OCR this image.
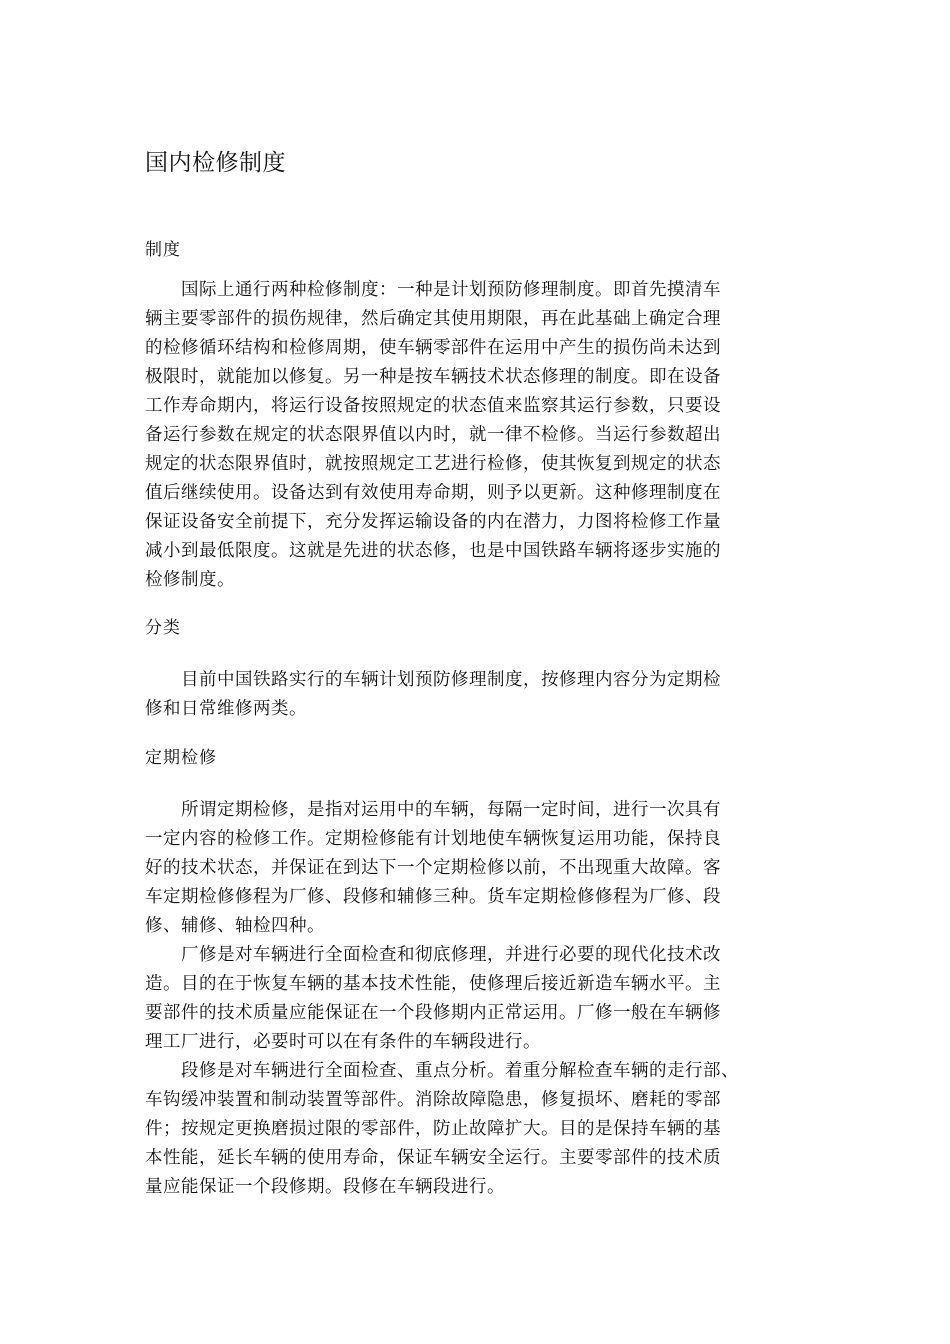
国内检修制度
制度
　　国际上通行两种检修制度：一种是计划预防修理制度。即首先摸清车
辆主要零部件的损伤规律，然后确定其使用期限，再在此基础上确定合理
的检修循环结构和检修周期，使车辆零部件在运用中产生的损伤尚未达到
极限时，就能加以修复。另一种是按车辆技术状态修理的制度。即在设备
工作寿命期内，将运行设备按照规定的状态值来监察其运行参数，只要设
备运行参数在规定的状态限界值以内时，就一律不检修。当运行参数超出
规定的状态限界值时，就按照规定工艺进行检修，使其恢复到规定的状态
值后继续使用。设备达到有效使用寿命期，则予以更新。这种修理制度在
保证设备安全前提下，充分发挥运输设备的内在潜力，力图将检修工作量
减小到最低限度。这就是先进的状态修，也是中国铁路车辆将逐步实施的
检修制度。
分类
　　目前中国铁路实行的车辆计划预防修理制度，按修理内容分为定期检
修和日常维修两类。
定期检修
　　所谓定期检修，是指对运用中的车辆，每隔一定时间，进行一次具有
一定内容的检修工作。定期检修能有计划地使车辆恢复运用功能，保持良
好的技术状态，并保证在到达下一个定期检修以前，不出现重大故障。客
车定期检修修程为厂修、段修和辅修三种。货车定期检修修程为厂修、段
修、辅修、轴检四种。
　　厂修是对车辆进行全面检查和彻底修理，并进行必要的现代化技术改
造。目的在于恢复车辆的基本技术性能，使修理后接近新造车辆水平。主
要部件的技术质量应能保证在一个段修期内正常运用。厂修一般在车辆修
理工厂进行，必要时可以在有条件的车辆段进行。
　　段修是对车辆进行全面检查、重点分析。着重分解检查车辆的走行部、
车钩缓冲装置和制动装置等部件。消除故障隐患，修复损坏、磨耗的零部
件；按规定更换磨损过限的零部件，防止故障扩大。目的是保持车辆的基
本性能，延长车辆的使用寿命，保证车辆安全运行。主要零部件的技术质
量应能保证一个段修期。段修在车辆段进行。
